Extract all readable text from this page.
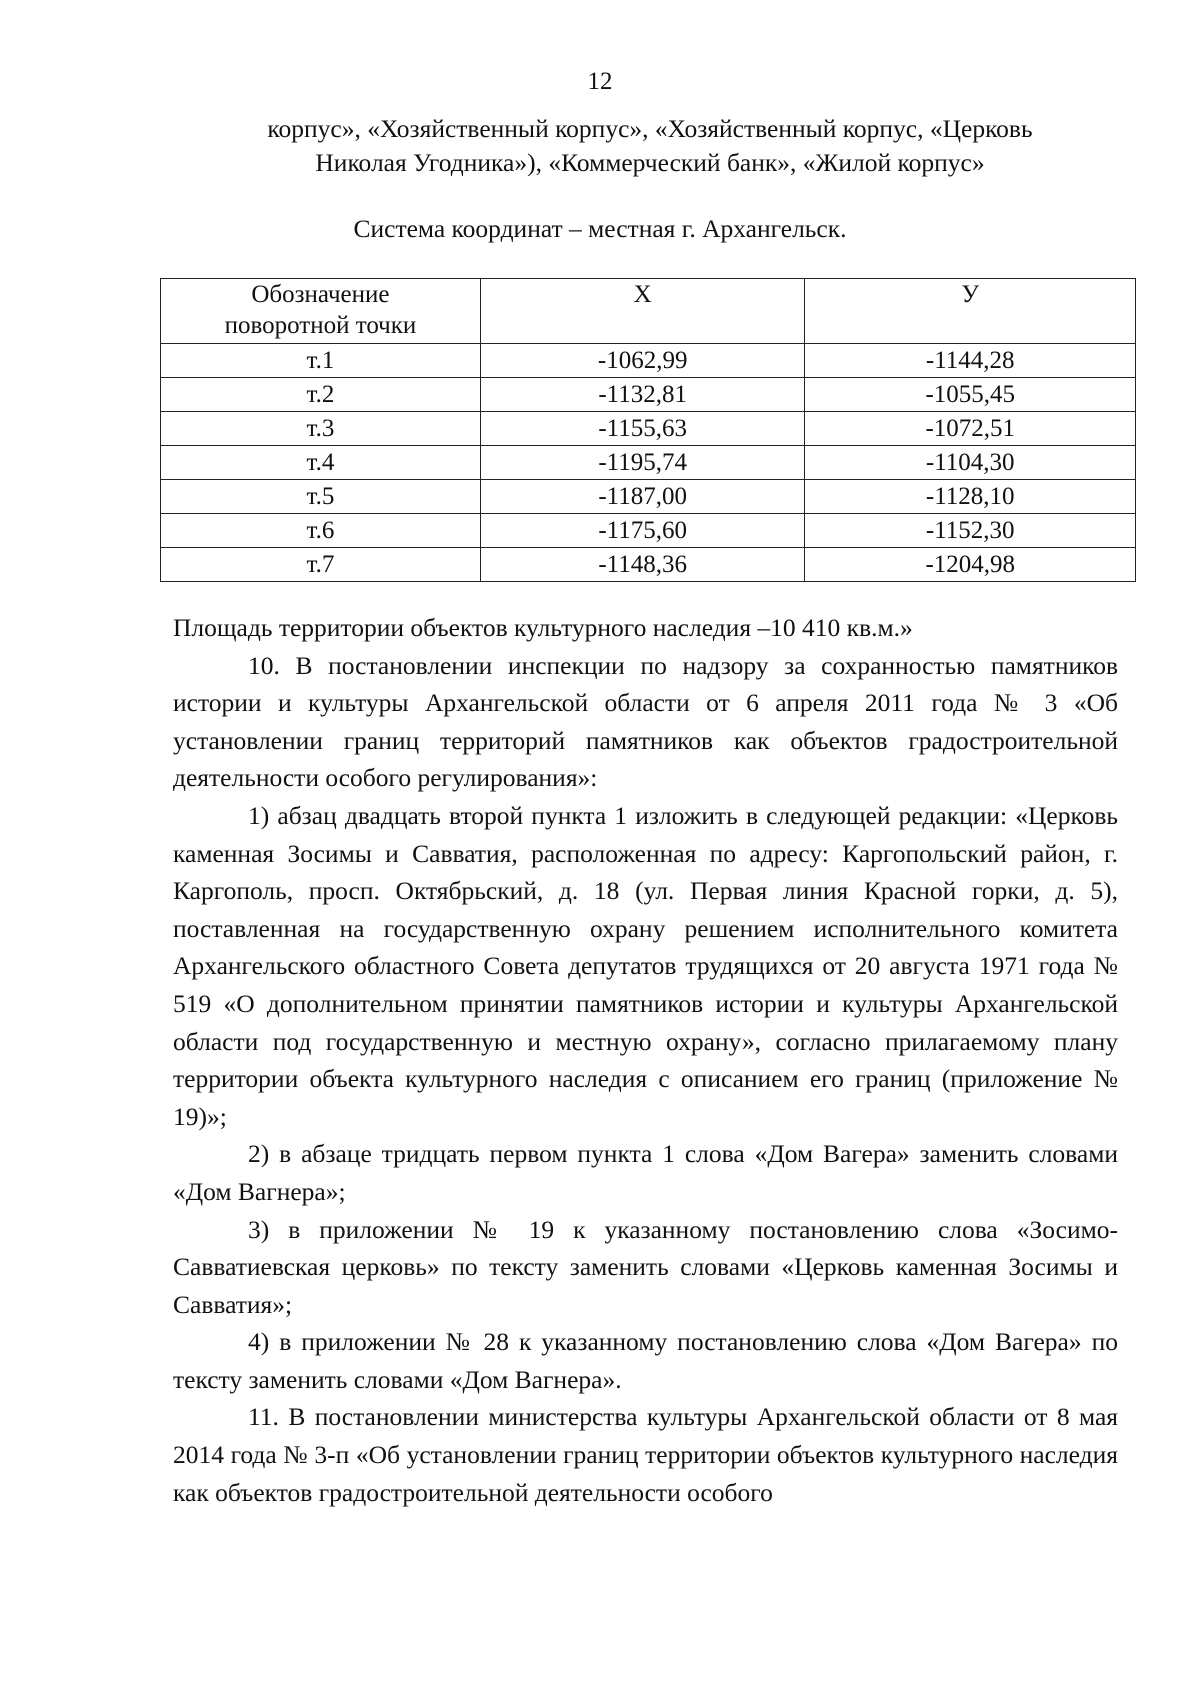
12
корпус», «Хозяйственный корпус», «Хозяйственный корпус, «Церковь
Николая Угодника»), «Коммерческий банк», «Жилой корпус»
Система координат – местная г. Архангельск.
Обозначение
поворотной точки	Х	У
т.1	-1062,99	-1144,28
т.2	-1132,81	-1055,45
т.3	-1155,63	-1072,51
т.4	-1195,74	-1104,30
т.5	-1187,00	-1128,10
т.6	-1175,60	-1152,30
т.7	-1148,36	-1204,98

Площадь территории объектов культурного наследия –10 410 кв.м.»

10. В постановлении инспекции по надзору за сохранностью памятников истории и культуры Архангельской области от 6 апреля 2011 года № 3 «Об установлении границ территорий памятников как объектов градостроительной деятельности особого регулирования»:

1) абзац двадцать второй пункта 1 изложить в следующей редакции: «Церковь каменная Зосимы и Савватия, расположенная по адресу: Каргопольский район, г. Каргополь, просп. Октябрьский, д. 18 (ул. Первая линия Красной горки, д. 5), поставленная на государственную охрану решением исполнительного комитета Архангельского областного Совета депутатов трудящихся от 20 августа 1971 года № 519 «О дополнительном принятии памятников истории и культуры Архангельской области под государственную и местную охрану», согласно прилагаемому плану территории объекта культурного наследия с описанием его границ (приложение № 19)»;

2) в абзаце тридцать первом пункта 1 слова «Дом Вагера» заменить словами «Дом Вагнера»;

3) в приложении № 19 к указанному постановлению слова «Зосимо-Савватиевская церковь» по тексту заменить словами «Церковь каменная Зосимы и Савватия»;

4) в приложении № 28 к указанному постановлению слова «Дом Вагера» по тексту заменить словами «Дом Вагнера».

11. В постановлении министерства культуры Архангельской области от 8 мая 2014 года № 3-п «Об установлении границ территории объектов культурного наследия как объектов градостроительной деятельности особого
